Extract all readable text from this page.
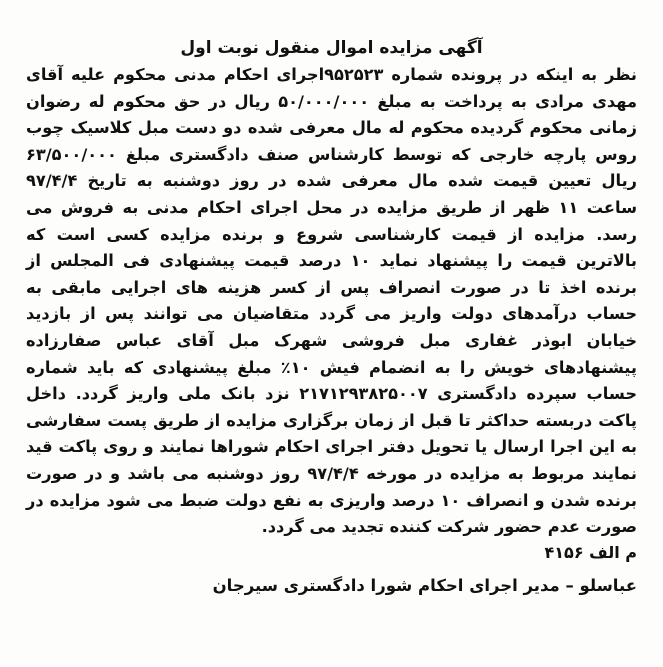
آگهی مزایده اموال منقول نوبت اول

نظر به اینکه در پرونده شماره ۹۵۲۵۲۳اجرای احکام مدنی محکوم علیه آقای مهدی مرادی به پرداخت به مبلغ ۵۰/۰۰۰/۰۰۰ ریال در حق محکوم له رضوان زمانی محکوم گردیده محکوم له مال معرفی شده دو دست مبل کلاسیک چوب روس پارچه خارجی که توسط کارشناس صنف دادگستری مبلغ ۶۳/۵۰۰/۰۰۰ ریال تعیین قیمت شده مال معرفی شده در روز دوشنبه به تاریخ ۹۷/۴/۴ ساعت ۱۱ ظهر از طریق مزایده در محل اجرای احکام مدنی به فروش می رسد. مزایده از قیمت کارشناسی شروع و برنده مزایده کسی است که بالاترین قیمت را پیشنهاد نماید ۱۰ درصد قیمت پیشنهادی فی المجلس از برنده اخذ تا در صورت انصراف پس از کسر هزینه های اجرایی مابقی به حساب درآمدهای دولت واریز می گردد متقاضیان می توانند پس از بازدید خیابان ابوذر غفاری مبل فروشی شهرک مبل آقای عباس صفارزاده پیشنهادهای خویش را به انضمام فیش ۱۰٪ مبلغ پیشنهادی که باید شماره حساب سپرده دادگستری ۲۱۷۱۲۹۳۸۲۵۰۰۷ نزد بانک ملی واریز گردد. داخل پاکت دربسته حداکثر تا قبل از زمان برگزاری مزایده از طریق پست سفارشی به این اجرا ارسال یا تحویل دفتر اجرای احکام شوراها نمایند و روی پاکت قید نمایند مربوط به مزایده در مورخه ۹۷/۴/۴ روز دوشنبه می باشد و در صورت برنده شدن و انصراف ۱۰ درصد واریزی به نفع دولت ضبط می شود مزایده در صورت عدم حضور شرکت کننده تجدید می گردد.

م الف ۴۱۵۶

عباسلو – مدیر اجرای احکام شورا دادگستری سیرجان
